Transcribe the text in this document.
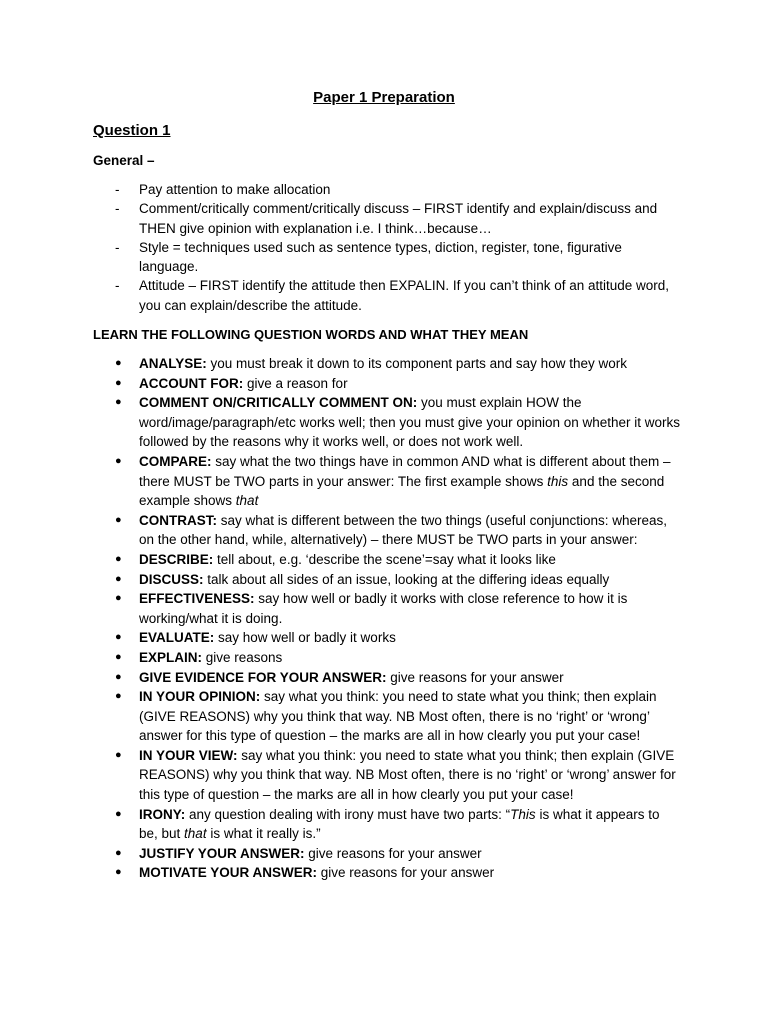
Paper 1 Preparation
Question 1
General –
- Pay attention to make allocation
- Comment/critically comment/critically discuss – FIRST identify and explain/discuss and THEN give opinion with explanation i.e. I think…because…
- Style = techniques used such as sentence types, diction, register, tone, figurative language.
- Attitude – FIRST identify the attitude then EXPALIN. If you can’t think of an attitude word, you can explain/describe the attitude.
LEARN THE FOLLOWING QUESTION WORDS AND WHAT THEY MEAN
● ANALYSE: you must break it down to its component parts and say how they work
● ACCOUNT FOR: give a reason for
● COMMENT ON/CRITICALLY COMMENT ON: you must explain HOW the word/image/paragraph/etc works well; then you must give your opinion on whether it works followed by the reasons why it works well, or does not work well.
● COMPARE: say what the two things have in common AND what is different about them – there MUST be TWO parts in your answer: The first example shows this and the second example shows that
● CONTRAST: say what is different between the two things (useful conjunctions: whereas, on the other hand, while, alternatively) – there MUST be TWO parts in your answer:
● DESCRIBE: tell about, e.g. ‘describe the scene’=say what it looks like
● DISCUSS: talk about all sides of an issue, looking at the differing ideas equally
● EFFECTIVENESS: say how well or badly it works with close reference to how it is working/what it is doing.
● EVALUATE: say how well or badly it works
● EXPLAIN: give reasons
● GIVE EVIDENCE FOR YOUR ANSWER: give reasons for your answer
● IN YOUR OPINION: say what you think: you need to state what you think; then explain (GIVE REASONS) why you think that way. NB Most often, there is no ‘right’ or ‘wrong’ answer for this type of question – the marks are all in how clearly you put your case!
● IN YOUR VIEW: say what you think: you need to state what you think; then explain (GIVE REASONS) why you think that way. NB Most often, there is no ‘right’ or ‘wrong’ answer for this type of question – the marks are all in how clearly you put your case!
● IRONY: any question dealing with irony must have two parts: “This is what it appears to be, but that is what it really is.”
● JUSTIFY YOUR ANSWER: give reasons for your answer
● MOTIVATE YOUR ANSWER: give reasons for your answer
